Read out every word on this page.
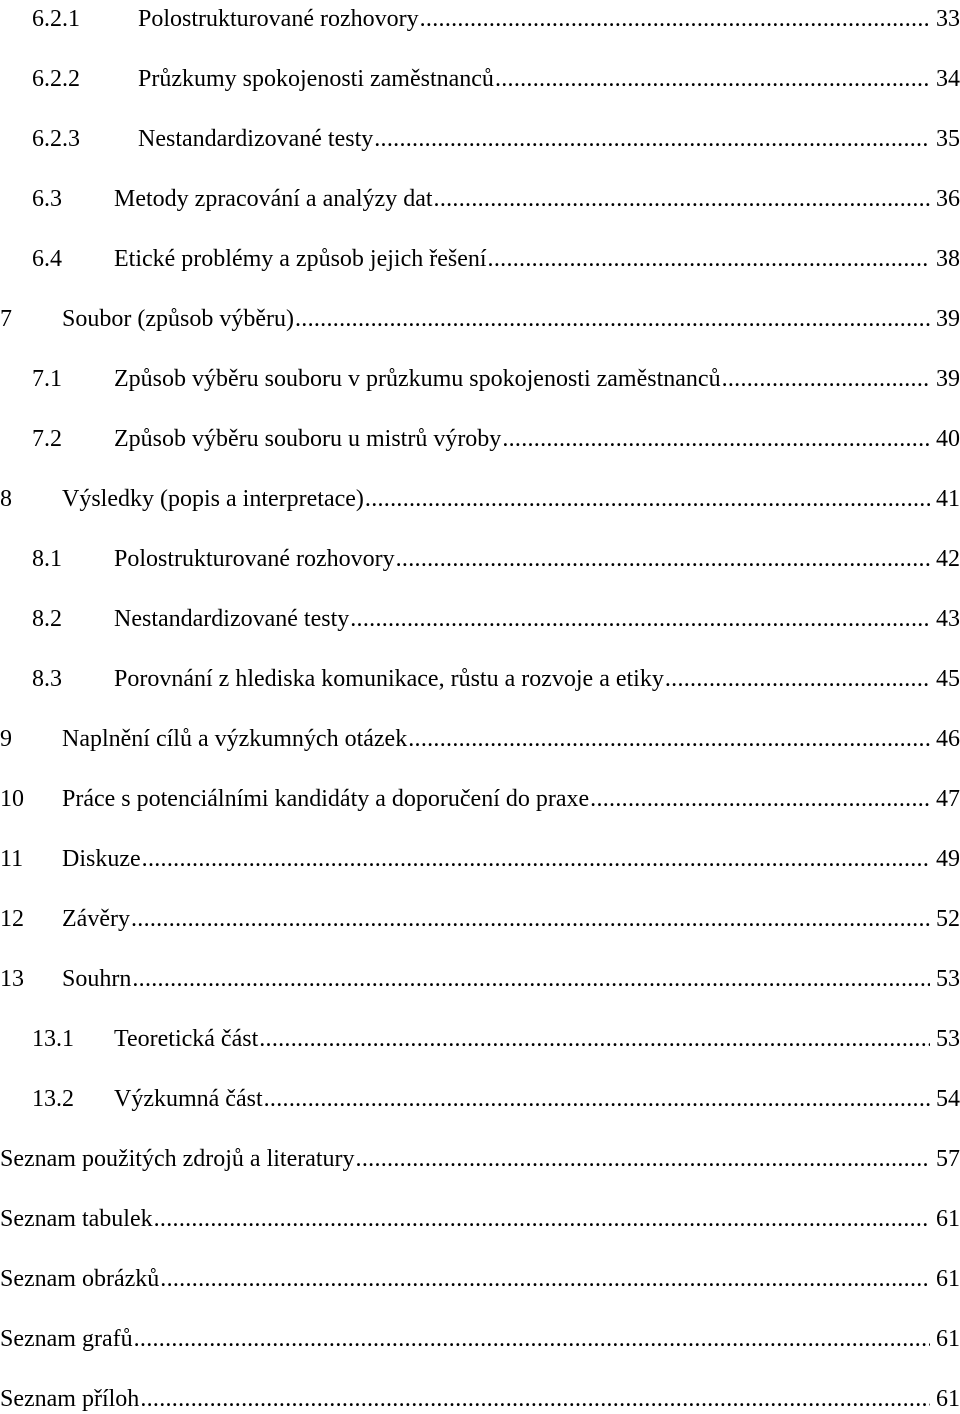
6.2.1	Polostrukturované rozhovory .....	33
6.2.2	Průzkumy spokojenosti zaměstnanců .....	34
6.2.3	Nestandardizované testy .....	35
6.3	Metody zpracování a analýzy dat .....	36
6.4	Etické problémy a způsob jejich řešení .....	38
7	Soubor (způsob výběru) .....	39
7.1	Způsob výběru souboru v průzkumu spokojenosti zaměstnanců .....	39
7.2	Způsob výběru souboru u mistrů výroby .....	40
8	Výsledky (popis a interpretace) .....	41
8.1	Polostrukturované rozhovory .....	42
8.2	Nestandardizované testy .....	43
8.3	Porovnání z hlediska komunikace, růstu a rozvoje a etiky .....	45
9	Naplnění cílů a výzkumných otázek .....	46
10	Práce s potenciálními kandidáty a doporučení do praxe .....	47
11	Diskuze .....	49
12	Závěry .....	52
13	Souhrn .....	53
13.1	Teoretická část .....	53
13.2	Výzkumná část .....	54
Seznam použitých zdrojů a literatury .....	57
Seznam tabulek .....	61
Seznam obrázků .....	61
Seznam grafů .....	61
Seznam příloh .....	61
